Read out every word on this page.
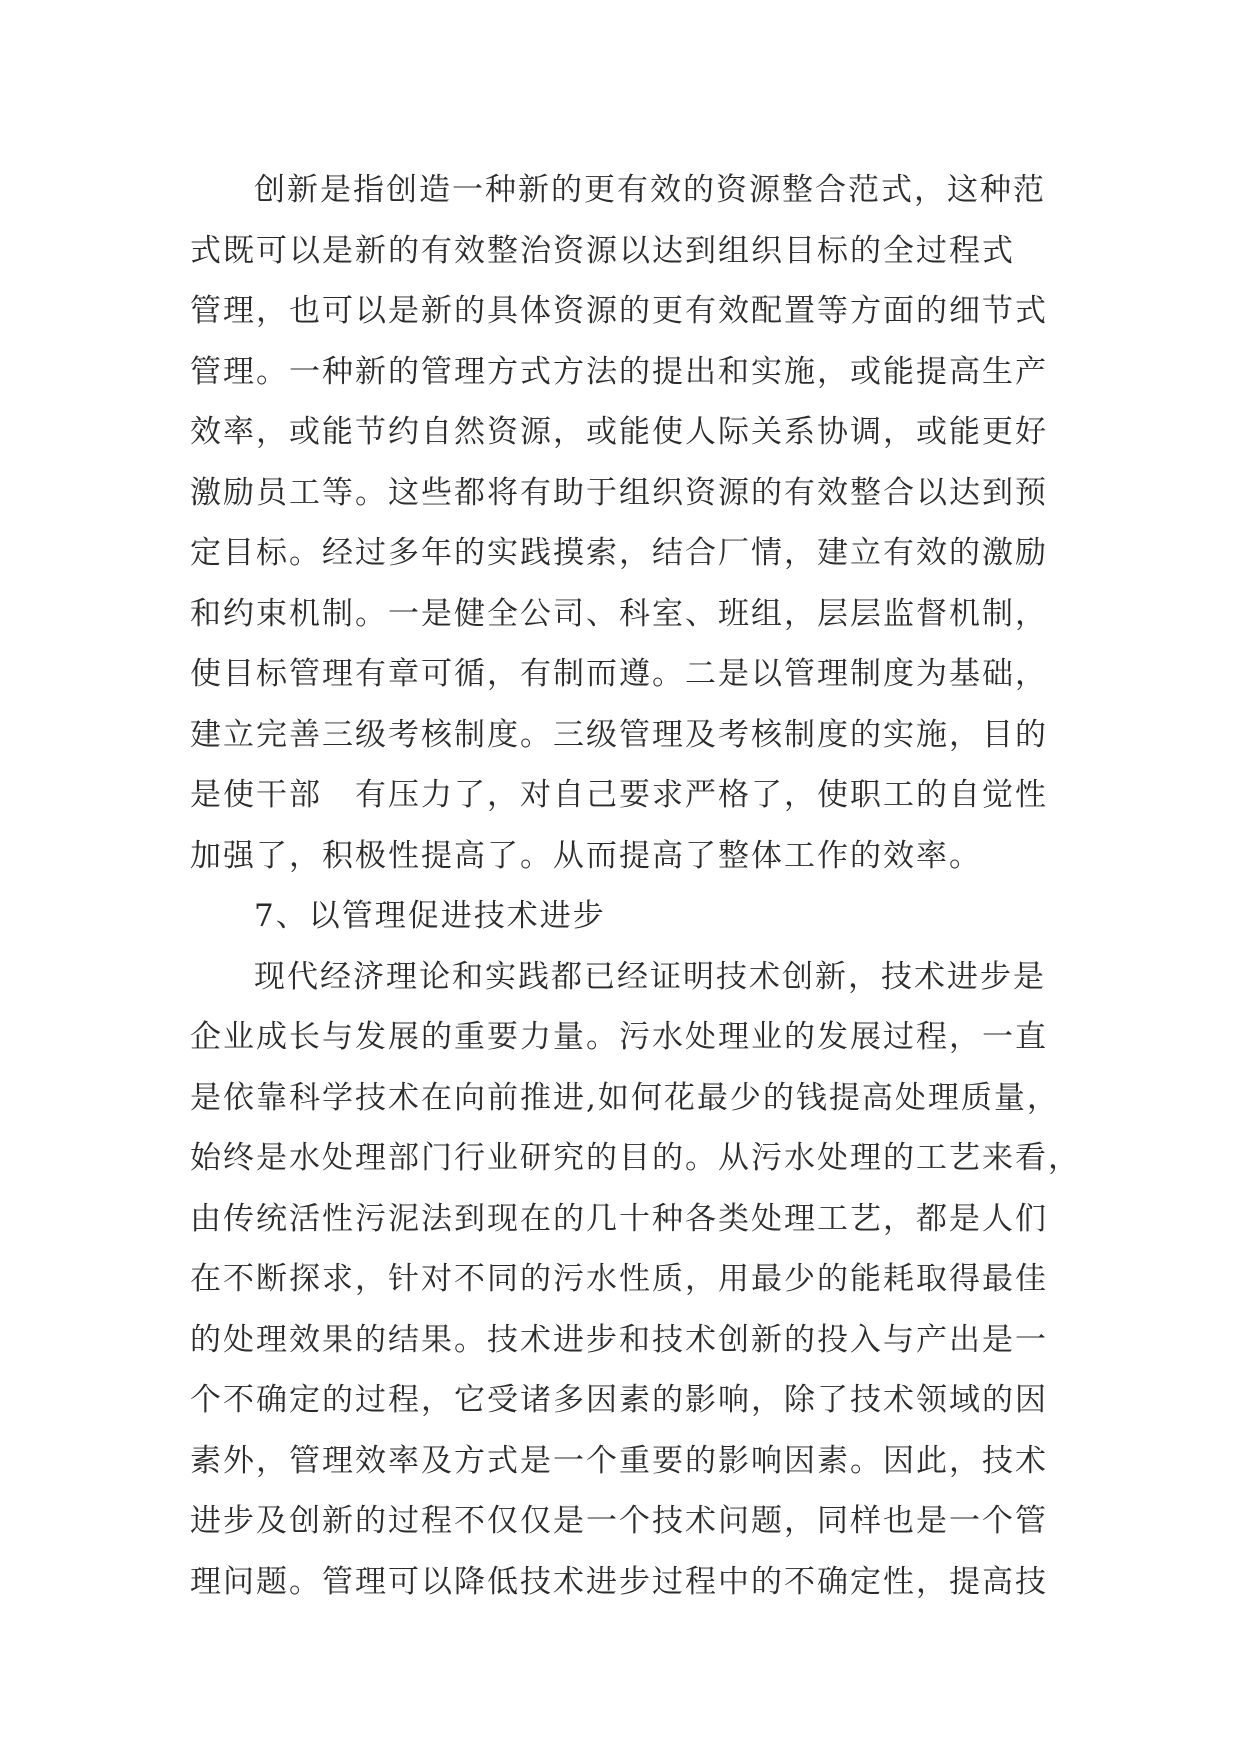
创新是指创造一种新的更有效的资源整合范式，这种范
式既可以是新的有效整治资源以达到组织目标的全过程式
管理，也可以是新的具体资源的更有效配置等方面的细节式
管理。一种新的管理方式方法的提出和实施，或能提高生产
效率，或能节约自然资源，或能使人际关系协调，或能更好
激励员工等。这些都将有助于组织资源的有效整合以达到预
定目标。经过多年的实践摸索，结合厂情，建立有效的激励
和约束机制。一是健全公司、科室、班组，层层监督机制，
使目标管理有章可循，有制而遵。二是以管理制度为基础，
建立完善三级考核制度。三级管理及考核制度的实施，目的
是使干部　有压力了，对自己要求严格了，使职工的自觉性
加强了，积极性提高了。从而提高了整体工作的效率。
7、以管理促进技术进步
现代经济理论和实践都已经证明技术创新，技术进步是
企业成长与发展的重要力量。污水处理业的发展过程，一直
是依靠科学技术在向前推进,如何花最少的钱提高处理质量，
始终是水处理部门行业研究的目的。从污水处理的工艺来看，
由传统活性污泥法到现在的几十种各类处理工艺，都是人们
在不断探求，针对不同的污水性质，用最少的能耗取得最佳
的处理效果的结果。技术进步和技术创新的投入与产出是一
个不确定的过程，它受诸多因素的影响，除了技术领域的因
素外，管理效率及方式是一个重要的影响因素。因此，技术
进步及创新的过程不仅仅是一个技术问题，同样也是一个管
理问题。管理可以降低技术进步过程中的不确定性，提高技
